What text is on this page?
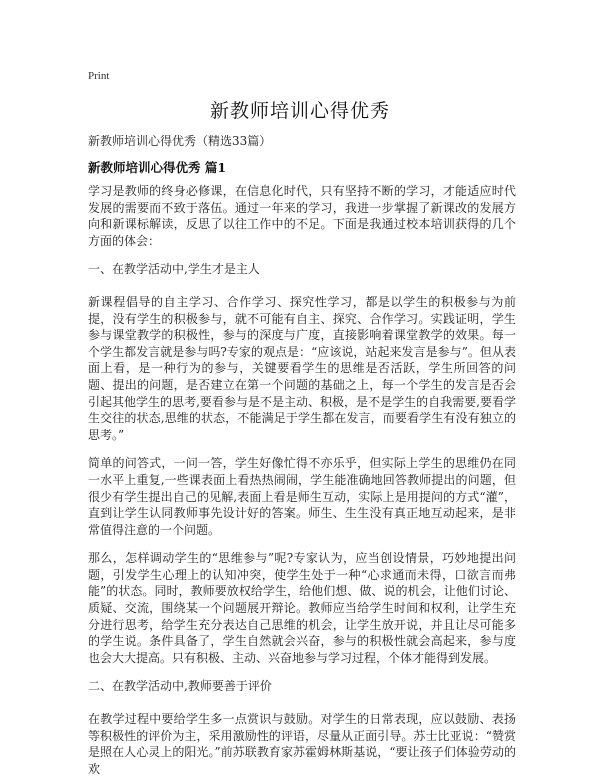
Print
新教师培训心得优秀
新教师培训心得优秀（精选33篇）
新教师培训心得优秀 篇1

学习是教师的终身必修课，在信息化时代，只有坚持不断的学习，才能适应时代发展的需要而不致于落伍。通过一年来的学习，我进一步掌握了新课改的发展方向和新课标解读，反思了以往工作中的不足。下面是我通过校本培训获得的几个方面的体会：

一、在教学活动中,学生才是主人

新课程倡导的自主学习、合作学习、探究性学习，都是以学生的积极参与为前提，没有学生的积极参与，就不可能有自主、探究、合作学习。实践证明，学生参与课堂教学的积极性，参与的深度与广度，直接影响着课堂教学的效果。每一个学生都发言就是参与吗?专家的观点是：“应该说，站起来发言是参与”。但从表面上看，是一种行为的参与，关键要看学生的思维是否活跃，学生所回答的问题、提出的问题，是否建立在第一个问题的基础之上，每一个学生的发言是否会引起其他学生的思考,要看参与是不是主动、积极，是不是学生的自我需要,要看学生交往的状态,思维的状态，不能满足于学生都在发言，而要看学生有没有独立的思考。”

简单的问答式，一问一答，学生好像忙得不亦乐乎，但实际上学生的思维仍在同一水平上重复,一些课表面上看热热闹闹，学生能准确地回答教师提出的问题，但很少有学生提出自己的见解,表面上看是师生互动，实际上是用提问的方式“灌”，直到让学生认同教师事先设计好的答案。师生、生生没有真正地互动起来，是非常值得注意的一个问题。

那么，怎样调动学生的“思维参与”呢?专家认为，应当创设情景，巧妙地提出问题，引发学生心理上的认知冲突，使学生处于一种“心求通而未得，口欲言而弗能”的状态。同时，教师要放权给学生，给他们想、做、说的机会，让他们讨论、质疑、交流，围绕某一个问题展开辩论。教师应当给学生时间和权利，让学生充分进行思考，给学生充分表达自己思维的机会，让学生放开说，并且让尽可能多的学生说。条件具备了，学生自然就会兴奋，参与的积极性就会高起来，参与度也会大大提高。只有积极、主动、兴奋地参与学习过程，个体才能得到发展。

二、在教学活动中,教师要善于评价

在教学过程中要给学生多一点赏识与鼓励。对学生的日常表现，应以鼓励、表扬等积极性的评价为主，采用激励性的评语，尽量从正面引导。苏士比亚说：“赞赏是照在人心灵上的阳光。”前苏联教育家苏霍姆林斯基说，“要让孩子们体验劳动的欢
